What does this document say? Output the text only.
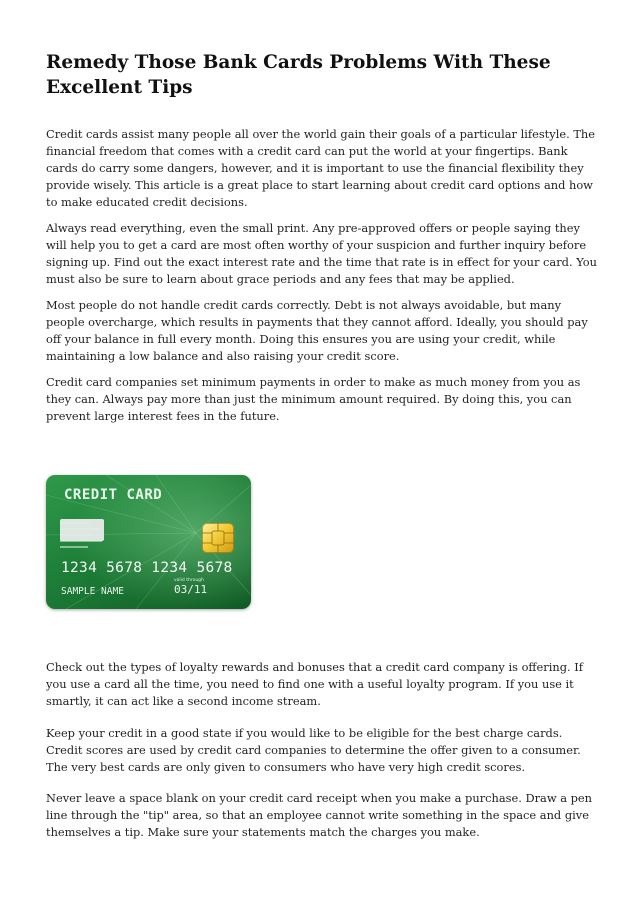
Remedy Those Bank Cards Problems With These Excellent Tips

Credit cards assist many people all over the world gain their goals of a particular lifestyle. The financial freedom that comes with a credit card can put the world at your fingertips. Bank cards do carry some dangers, however, and it is important to use the financial flexibility they provide wisely. This article is a great place to start learning about credit card options and how to make educated credit decisions.

Always read everything, even the small print. Any pre-approved offers or people saying they will help you to get a card are most often worthy of your suspicion and further inquiry before signing up. Find out the exact interest rate and the time that rate is in effect for your card. You must also be sure to learn about grace periods and any fees that may be applied.

Most people do not handle credit cards correctly. Debt is not always avoidable, but many people overcharge, which results in payments that they cannot afford. Ideally, you should pay off your balance in full every month. Doing this ensures you are using your credit, while maintaining a low balance and also raising your credit score.

Credit card companies set minimum payments in order to make as much money from you as they can. Always pay more than just the minimum amount required. By doing this, you can prevent large interest fees in the future.

CREDIT CARD
1234 5678 1234 5678
valid through
SAMPLE NAME	03/11

Check out the types of loyalty rewards and bonuses that a credit card company is offering. If you use a card all the time, you need to find one with a useful loyalty program. If you use it smartly, it can act like a second income stream.

Keep your credit in a good state if you would like to be eligible for the best charge cards. Credit scores are used by credit card companies to determine the offer given to a consumer. The very best cards are only given to consumers who have very high credit scores.

Never leave a space blank on your credit card receipt when you make a purchase. Draw a pen line through the "tip" area, so that an employee cannot write something in the space and give themselves a tip. Make sure your statements match the charges you make.
